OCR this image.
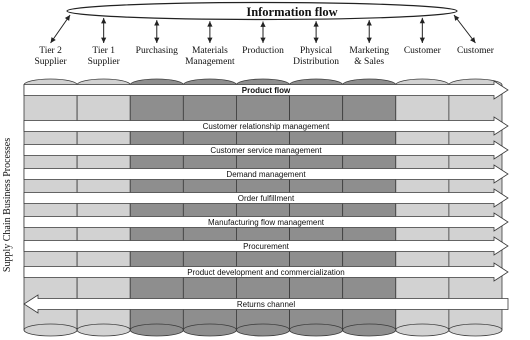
Product flow
Customer relationship management
Customer service management
Demand management
Order fulfillment
Manufacturing flow management
Procurement
Product development and commercialization
Returns channel
Information flow
Tier 2
Supplier
Tier 1
Supplier
Purchasing Materials
Management
Production Physical
Distribution
Marketing
& Sales
Customer Customer
Supply Chain Business Processes
